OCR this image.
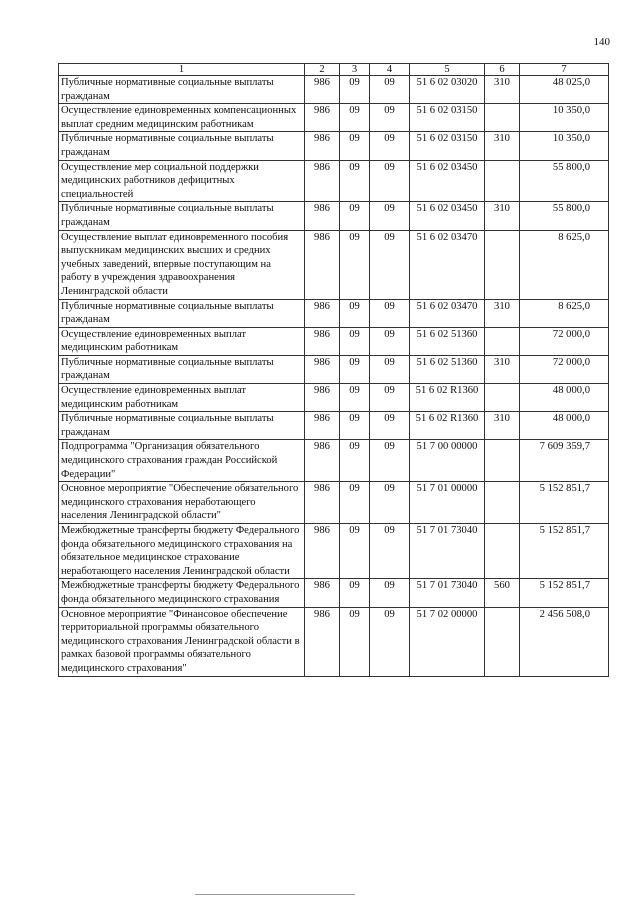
140
1	2	3	4	5	6	7
Публичные нормативные социальные выплаты гражданам	986	09	09	51 6 02 03020	310	48 025,0
Осуществление единовременных компенсационных выплат средним медицинским работникам	986	09	09	51 6 02 03150		10 350,0
Публичные нормативные социальные выплаты гражданам	986	09	09	51 6 02 03150	310	10 350,0
Осуществление мер социальной поддержки медицинских работников дефицитных специальностей	986	09	09	51 6 02 03450		55 800,0
Публичные нормативные социальные выплаты гражданам	986	09	09	51 6 02 03450	310	55 800,0
Осуществление выплат единовременного пособия выпускникам медицинских высших и средних учебных заведений, впервые поступающим на работу в учреждения здравоохранения Ленинградской области	986	09	09	51 6 02 03470		8 625,0
Публичные нормативные социальные выплаты гражданам	986	09	09	51 6 02 03470	310	8 625,0
Осуществление единовременных выплат медицинским работникам	986	09	09	51 6 02 51360		72 000,0
Публичные нормативные социальные выплаты гражданам	986	09	09	51 6 02 51360	310	72 000,0
Осуществление единовременных выплат медицинским работникам	986	09	09	51 6 02 R1360		48 000,0
Публичные нормативные социальные выплаты гражданам	986	09	09	51 6 02 R1360	310	48 000,0
Подпрограмма "Организация обязательного медицинского страхования граждан Российской Федерации"	986	09	09	51 7 00 00000		7 609 359,7
Основное мероприятие "Обеспечение обязательного медицинского страхования неработающего населения Ленинградской области"	986	09	09	51 7 01 00000		5 152 851,7
Межбюджетные трансферты бюджету Федерального фонда обязательного медицинского страхования на обязательное медицинское страхование неработающего населения Ленинградской области	986	09	09	51 7 01 73040		5 152 851,7
Межбюджетные трансферты бюджету Федерального фонда обязательного медицинского страхования	986	09	09	51 7 01 73040	560	5 152 851,7
Основное мероприятие "Финансовое обеспечение территориальной программы обязательного медицинского страхования Ленинградской области в рамках базовой программы обязательного медицинского страхования"	986	09	09	51 7 02 00000		2 456 508,0
